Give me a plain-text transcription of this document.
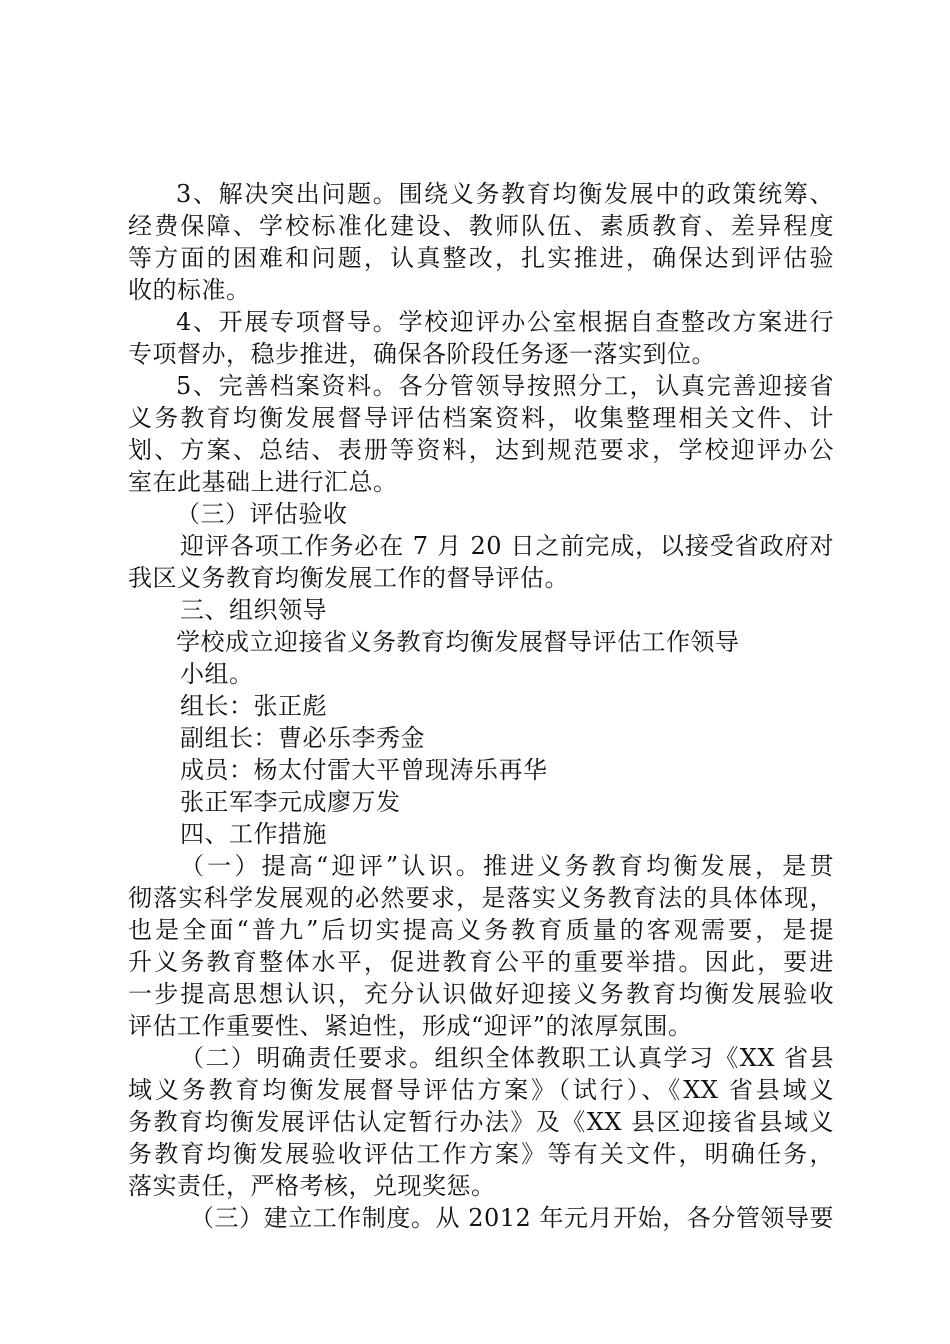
3、解决突出问题。围绕义务教育均衡发展中的政策统筹、
经费保障、学校标准化建设、教师队伍、素质教育、差异程度
等方面的困难和问题，认真整改，扎实推进，确保达到评估验
收的标准。
4、开展专项督导。学校迎评办公室根据自查整改方案进行
专项督办，稳步推进，确保各阶段任务逐一落实到位。
5、完善档案资料。各分管领导按照分工，认真完善迎接省
义务教育均衡发展督导评估档案资料，收集整理相关文件、计
划、方案、总结、表册等资料，达到规范要求，学校迎评办公
室在此基础上进行汇总。
（三）评估验收
迎评各项工作务必在 7 月 20 日之前完成，以接受省政府对
我区义务教育均衡发展工作的督导评估。
三、组织领导
学校成立迎接省义务教育均衡发展督导评估工作领导
小组。
组长：张正彪
副组长：曹必乐李秀金
成员：杨太付雷大平曾现涛乐再华
张正军李元成廖万发
四、工作措施
（一）提高“迎评”认识。推进义务教育均衡发展，是贯
彻落实科学发展观的必然要求，是落实义务教育法的具体体现，
也是全面“普九”后切实提高义务教育质量的客观需要，是提
升义务教育整体水平，促进教育公平的重要举措。因此，要进
一步提高思想认识，充分认识做好迎接义务教育均衡发展验收
评估工作重要性、紧迫性，形成“迎评”的浓厚氛围。
（二）明确责任要求。组织全体教职工认真学习《XX 省县
域义务教育均衡发展督导评估方案》（试行）、《XX 省县域义
务教育均衡发展评估认定暂行办法》及《XX 县区迎接省县域义
务教育均衡发展验收评估工作方案》等有关文件，明确任务，
落实责任，严格考核，兑现奖惩。
（三）建立工作制度。从 2012 年元月开始，各分管领导要
